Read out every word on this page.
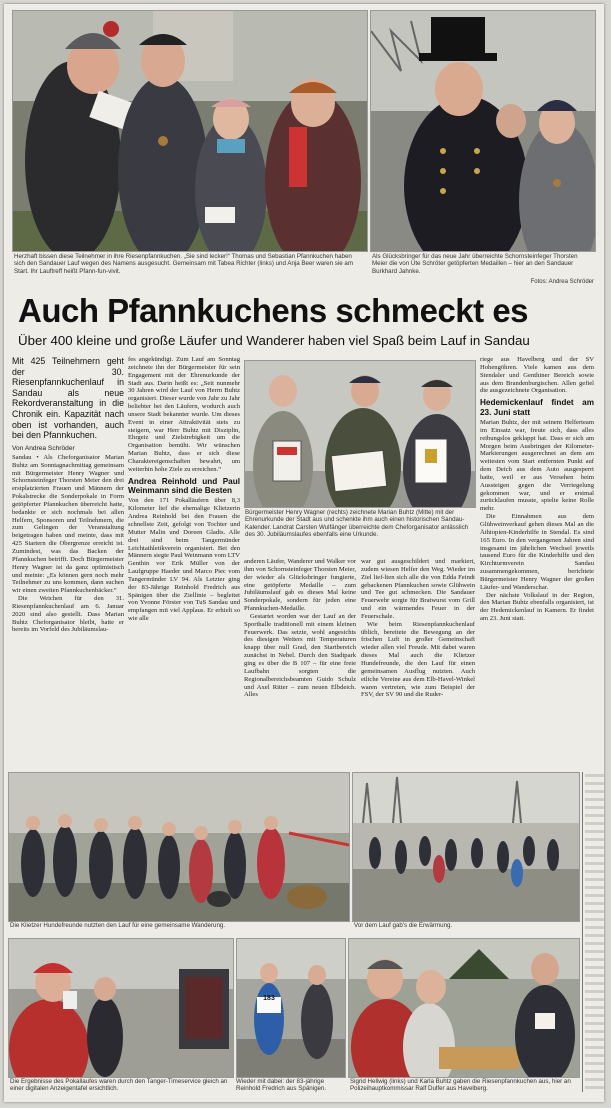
Herzhaft bissen diese Teilnehmer in ihre Riesenpfannkuchen. „Sie sind lecker!“ Thomas und Sebastian Pfannkuchen haben sich den Sandauer Lauf wegen des Namens ausgesucht. Gemeinsam mit Tabea Richter (links) und Anja Beer waren sie am Start. Ihr Lauftreff heißt Pfann-fun-vivit.
Als Glücksbringer für das neue Jahr überreichte Schornsteinfeger Thorsten Meier die von Ute Schröter getöpferten Medaillen – hier an den Sandauer Burkhard Jahnke.
Fotos: Andrea Schröder
Auch Pfannkuchens schmeckt es
Über 400 kleine und große Läufer und Wanderer haben viel Spaß beim Lauf in Sandau
Mit 425 Teilnehmern geht der 30. Riesenpfannkuchenlauf in Sandau als neue Rekordveranstaltung in die Chronik ein. Kapazität nach oben ist vorhanden, auch bei den Pfannkuchen.
Von Andrea Schröder

Sandau • Als Cheforganisator Marian Buhtz am Sonntagnachmittag gemeinsam mit Bürgermeister Henry Wagner und Schornsteinfeger Thorsten Meier den drei erstplatzierten Frauen und Männern der Pokalstrecke die Sonderpokale in Form getöpferter Pfannkuchen überreicht hatte, bedankte er sich nochmals bei allen Helfern, Sponsoren und Teilnehmern, die zum Gelingen der Veranstaltung beigetragen haben und meinte, dass mit 425 Startern die Obergrenze erreicht ist. Zumindest, was das Backen der Pfannkuchen betrifft. Doch Bürgermeister Henry Wagner ist da ganz optimistisch und meinte: „Es können gern noch mehr Teilnehmer zu uns kommen, dann suchen wir einen zweiten Pfannkuchenbäcker.“

Die Weichen für den 31. Riesenpfannkuchenlauf am 6. Januar 2020 sind also gestellt. Dass Marian Buhtz Cheforganisator bleibt, hatte er bereits im Vorfeld des Jubiläumslau-

fes angekündigt. Zum Lauf am Sonntag zeichnete ihn der Bürgermeister für sein Engagement mit der Ehrenurkunde der Stadt aus. Darin heißt es: „Seit nunmehr 30 Jahren wird der Lauf von Herrn Buhtz organisiert. Dieser wurde von Jahr zu Jahr beliebter bei den Läufern, wodurch auch unsere Stadt bekannter wurde. Um dieses Event in einer Attraktivität stets zu steigern, war Herr Buhtz mit Disziplin, Ehrgeiz und Zielstrebigkeit um die Organisation bemüht. Wir wünschen Marian Buhtz, dass er sich diese Charaktereigenschaften bewahrt, um weiterhin hohe Ziele zu erreichen.“

Andrea Reinhold und Paul Weinmann sind die Besten

Von den 171 Pokalläufern über 8,3 Kilometer lief die ehemalige Klietzerin Andrea Reinhold bei den Frauen die schnellste Zeit, gefolgt von Tochter und Mutter Malin und Doreen Gladis. Alle drei sind beim Tangermünder Leichtathletikverein organisiert. Bei den Männern siegte Paul Weinmann vom LTV Genthin vor Erik Müller von der Laufgruppe Haeder und Marco Piec vom Tangermünder LV 94. Als Letzter ging der 83-Jährige Reinhold Fredrich aus Spänigen über die Ziellinie – begleitet von Yvonne Förster von TuS Sandau und empfangen mit viel Applaus. Er erhielt so wie alle

Bürgermeister Henry Wagner (rechts) zeichnete Marian Buhtz (Mitte) mit der Ehrenurkunde der Stadt aus und schenkte ihm auch einen historischen Sandau-Kalender. Landrat Carsten Wulfänger überreichte dem Cheforganisator anlässlich des 30. Jubiläumslaufes ebenfalls eine Urkunde.

anderen Läufer, Wanderer und Walker vor ihm von Schornsteinfeger Thorsten Meier, der wieder als Glücksbringer fungierte, eine getöpferte Medaille – zum Jubiläumslauf gab es dieses Mal keine Sonderpokale, sondern für jeden eine Pfannkuchen-Medaille.

Gestartet worden war der Lauf an der Sporthalle traditionell mit einem kleinen Feuerwerk. Das setzte, wohl angesichts des diesigen Wetters mit Temperaturen knapp über null Grad, den Startbereich zunächst in Nebel. Durch den Stadtpark ging es über die B 107 – für eine freie Laufbahn sorgten die Regionalbereichsbeamten Guido Schulz und Axel Ritter – zum neuen Elbdeich. Alles

war gut ausgeschildert und markiert, zudem wiesen Helfer den Weg. Wieder im Ziel lief-lten sich alle die von Edda Feindt gebackenen Pfannkuchen sowie Glühwein und Tee gut schmecken. Die Sandauer Feuerwehr sorgte für Bratwurst vom Grill und ein wärmendes Feuer in der Feuerschale.

Wie beim Riesenpfannkuchenlauf üblich, bereitete die Bewegung an der frischen Luft in großer Gemeinschaft wieder allen viel Freude. Mit dabei waren dieses Mal auch die Klietzer Hundefreunde, die den Lauf für einen gemeinsamen Ausflug nutzten. Auch etliche Vereine aus dem Elb-Havel-Winkel waren vertreten, wie zum Beispiel der FSV, der SV 90 und die Ruder-

riege aus Havelberg und der SV Hohengöhren. Viele kamen aus dem Stendaler und Genthiner Bereich sowie aus dem Brandenburgischen. Allen gefiel die ausgezeichnete Organisation.

Hedemickenlauf findet am 23. Juni statt

Marian Buhtz, der mit seinem Helferteam im Einsatz war, freute sich, dass alles reibungslos geklappt hat. Dass er sich am Morgen beim Ausbringen der Kilometer-Markierungen ausgerechnet an dem am weitesten vom Start entfernten Punkt auf dem Deich aus dem Auto ausgesperrt hatte, weil er aus Versehen beim Aussteigen gegen die Verriegelung gekommen war, und er erstmal zurücklaufen musste, spielte keine Rolle mehr.

Die Einnahmen aus dem Glühweinverkauf gehen dieses Mal an die Äthiopien-Kinderhilfe in Stendal. Es sind 165 Euro. In den vergangenen Jahren sind insgesamt im jährlichen Wechsel jeweils tausend Euro für die Kinderhilfe und den Kirchturmverein Sandau zusammengekommen, berichtete Bürgermeister Henry Wagner der großen Läufer- und Wanderschar.

Der nächste Volkslauf in der Region, den Marian Buhtz ebenfalls organisiert, ist der Hedemickenlauf in Kamern. Er findet am 23. Juni statt.

Die Klietzer Hundefreunde nutzten den Lauf für eine gemeinsame Wanderung.	Vor dem Lauf gab's die Erwärmung.
Die Ergebnisse des Pokallaufes waren durch den Tanger-Timeservice gleich an einer digitalen Anzeigentafel ersichtlich.
183
Wieder mit dabei: der 83-jährige Reinhold Fredrich aus Spänigen.
Sigrid Hellwig (links) und Karla Buhtz gaben die Riesenpfannkuchen aus, hier an Polizeihauptkommissar Ralf Dulfer aus Havelberg.
